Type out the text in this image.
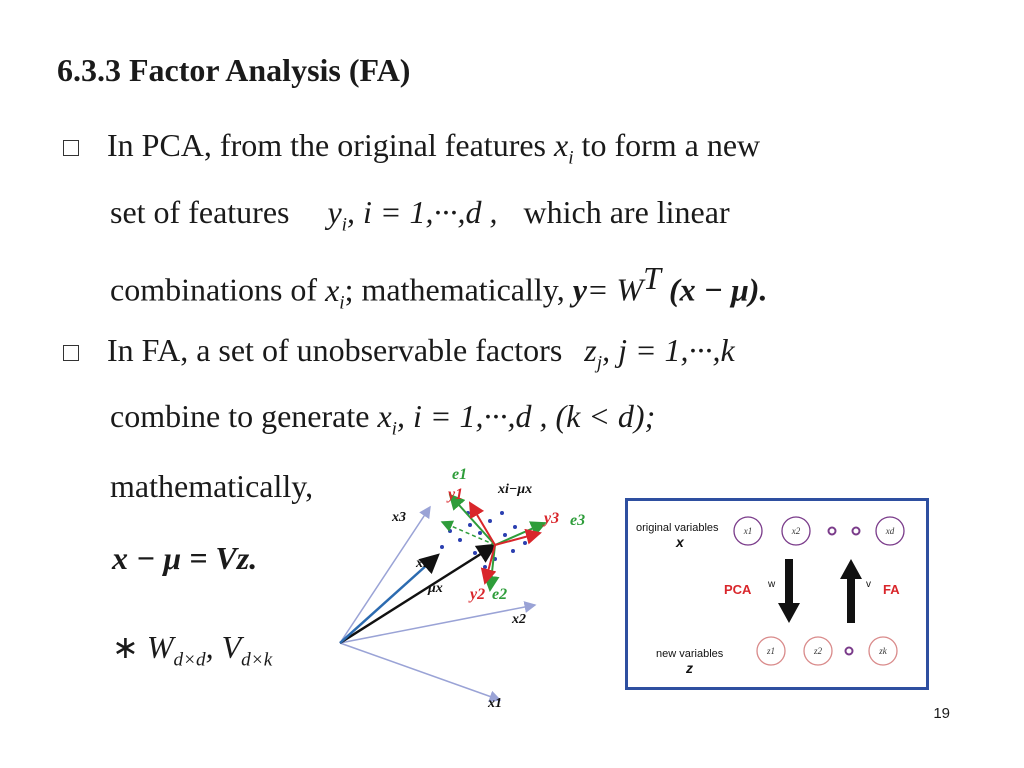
6.3.3 Factor Analysis (FA)
In PCA, from the original features $x_i$ to form a new
set of features $y_i$, i = 1,···,d , which are linear
combinations of $x_i$; mathematically, $y= W^T$ (x − μ).
In FA, a set of unobservable factors $z_j$, j = 1,···,k
combine to generate $x_i$, i = 1,···,d , (k < d);
mathematically,
x − μ = Vz.
∗ $W_{d\times d}$, $V_{d\times k}$
e1
y1 xi−μx
y3 e3
x3
xi
μx y2 e2
x2
x1
original variables
x
new variables
z
x1	x2	xd
z1	z2	zk
PCA w	v FA
19
